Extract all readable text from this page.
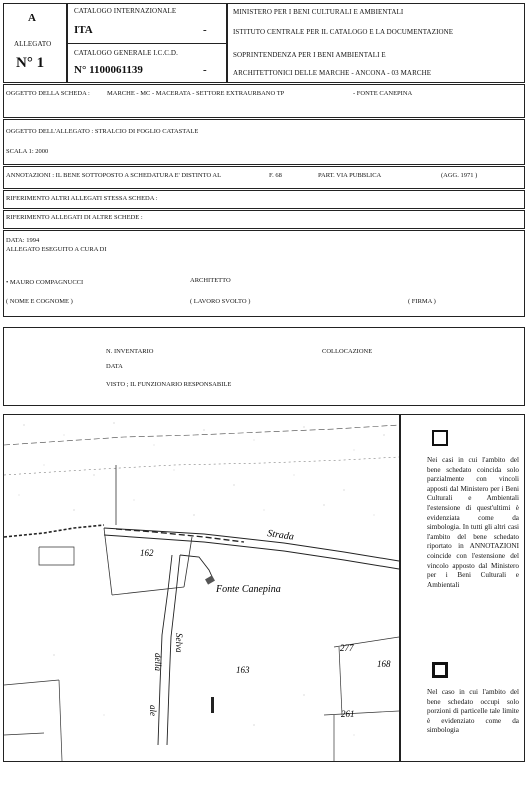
A
ALLEGATO
N° 1
CATALOGO INTERNAZIONALE
ITA	-
CATALOGO GENERALE I.C.C.D.
N° 1100061139	-
MINISTERO PER I BENI CULTURALI E AMBIENTALI
ISTITUTO CENTRALE PER IL CATALOGO E LA DOCUMENTAZIONE
SOPRINTENDENZA PER I BENI AMBIENTALI E
ARCHITETTONICI DELLE MARCHE - ANCONA - 03 MARCHE
OGGETTO DELLA SCHEDA :	MARCHE - MC - MACERATA - SETTORE EXTRAURBANO TP	- FONTE CANEPINA
OGGETTO DELL'ALLEGATO : STRALCIO DI FOGLIO CATASTALE
SCALA 1: 2000
ANNOTAZIONI : IL BENE SOTTOPOSTO A SCHEDATURA E' DISTINTO AL	F. 68	PART. VIA PUBBLICA	(AGG. 1971 )
RIFERIMENTO ALTRI ALLEGATI STESSA SCHEDA :
RIFERIMENTO ALLEGATI DI ALTRE SCHEDE :
DATA: 1994
ALLEGATO ESEGUITO A CURA DI
• MAURO COMPAGNUCCI	ARCHITETTO
( NOME E COGNOME )	( LAVORO SVOLTO )	( FIRMA )
N. INVENTARIO	COLLOCAZIONE
DATA
VISTO ; IL FUNZIONARIO RESPONSABILE
Strada
162
Fonte Canepina
Selva
della
ale
163
277
168
261
Nei casi in cui l'ambito del bene schedato coincida solo parzialmente con vincoli apposti dal Ministero per i Beni Culturali e Ambientali l'estensione di quest'ultimi è evidenziata come da simbologia. In tutti gli altri casi l'ambito del bene schedato riportato in ANNOTAZIONI coincide con l'estensione del vincolo apposto dal Ministero per i Beni Culturali e Ambientali
Nel caso in cui l'ambito del bene schedato occupi solo porzioni di particelle tale limite è evidenziato come da simbologia
